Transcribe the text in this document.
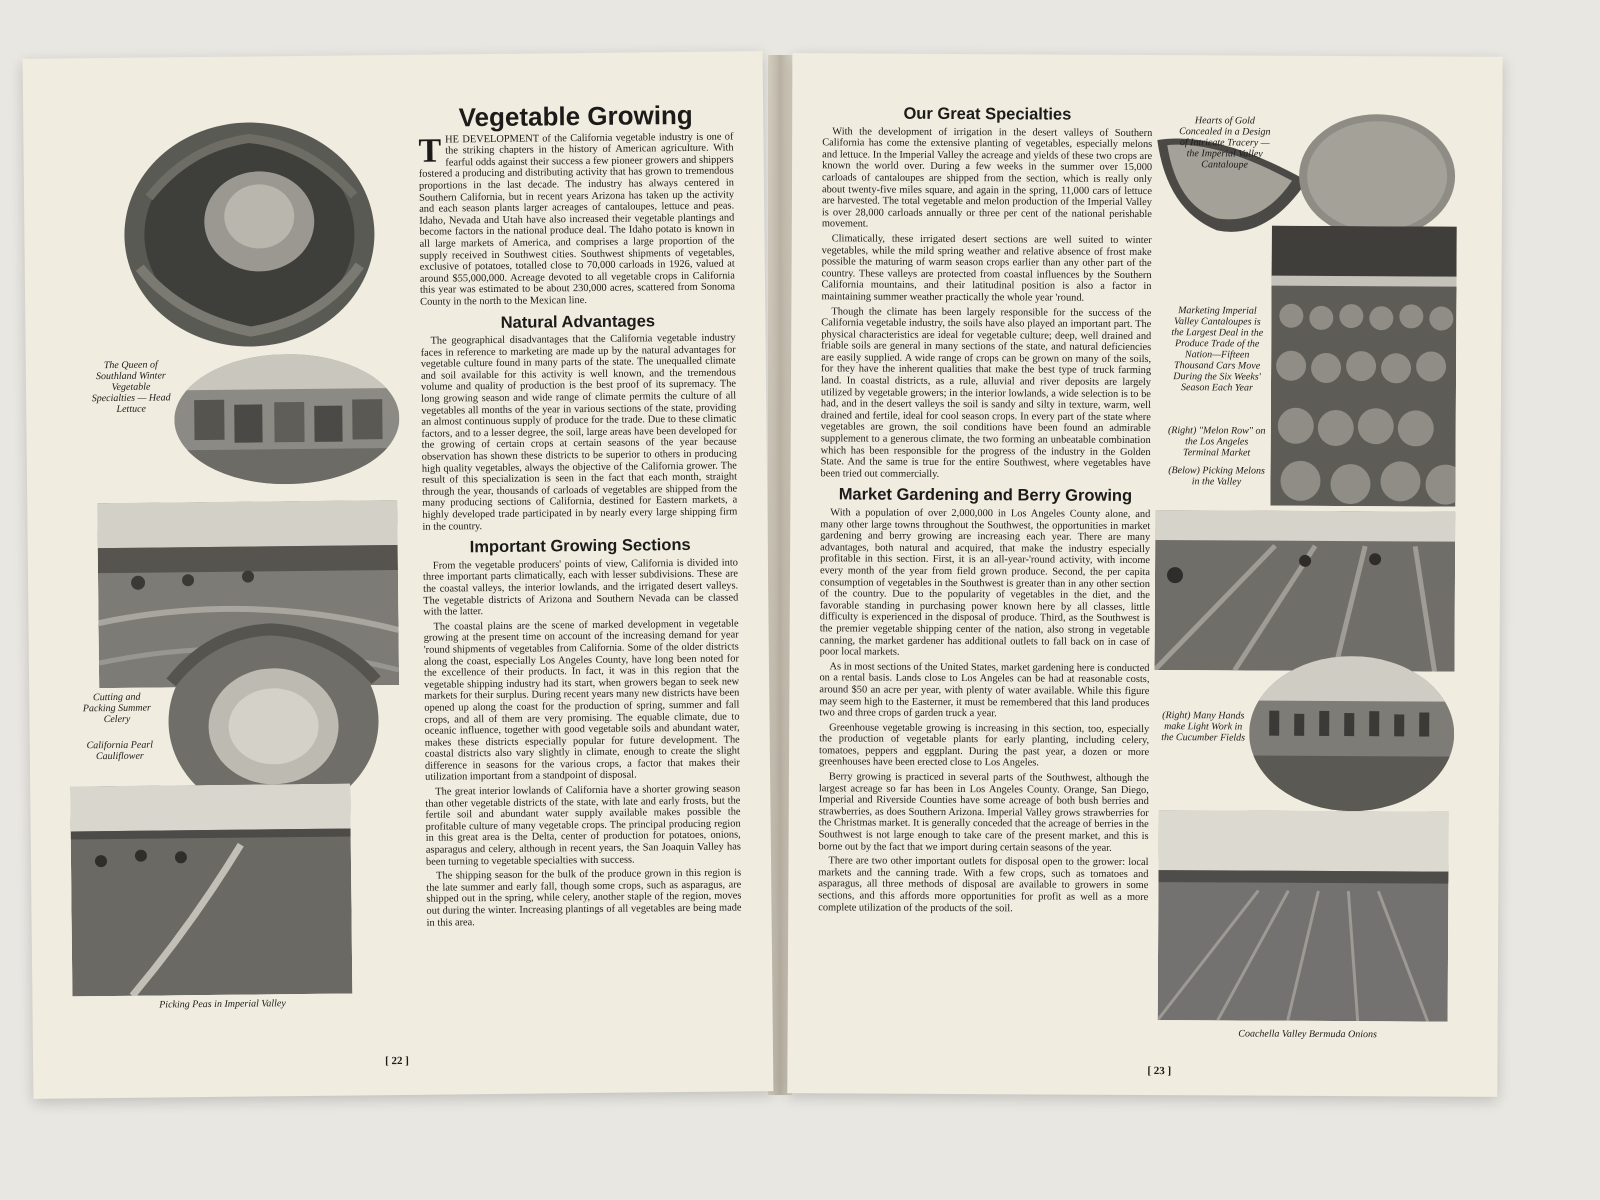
The Queen of Southland Winter Vegetable Specialties — Head Lettuce
Cutting and Packing Summer Celery
California Pearl Cauliflower
Picking Peas in Imperial Valley
Vegetable Growing

THE DEVELOPMENT of the California vegetable industry is one of the striking chapters in the history of American agriculture. With fearful odds against their success a few pioneer growers and shippers fostered a producing and distributing activity that has grown to tremendous proportions in the last decade. The industry has always centered in Southern California, but in recent years Arizona has taken up the activity and each season plants larger acreages of cantaloupes, lettuce and peas. Idaho, Nevada and Utah have also increased their vegetable plantings and become factors in the national produce deal. The Idaho potato is known in all large markets of America, and comprises a large proportion of the supply received in Southwest cities. Southwest shipments of vegetables, exclusive of potatoes, totalled close to 70,000 carloads in 1926, valued at around $55,000,000. Acreage devoted to all vegetable crops in California this year was estimated to be about 230,000 acres, scattered from Sonoma County in the north to the Mexican line.

Natural Advantages

The geographical disadvantages that the California vegetable industry faces in reference to marketing are made up by the natural advantages for vegetable culture found in many parts of the state. The unequalled climate and soil available for this activity is well known, and the tremendous volume and quality of production is the best proof of its supremacy. The long growing season and wide range of climate permits the culture of all vegetables all months of the year in various sections of the state, providing an almost continuous supply of produce for the trade. Due to these climatic factors, and to a lesser degree, the soil, large areas have been developed for the growing of certain crops at certain seasons of the year because observation has shown these districts to be superior to others in producing high quality vegetables, always the objective of the California grower. The result of this specialization is seen in the fact that each month, straight through the year, thousands of carloads of vegetables are shipped from the many producing sections of California, destined for Eastern markets, a highly developed trade participated in by nearly every large shipping firm in the country.

Important Growing Sections

From the vegetable producers' points of view, California is divided into three important parts climatically, each with lesser subdivisions. These are the coastal valleys, the interior lowlands, and the irrigated desert valleys. The vegetable districts of Arizona and Southern Nevada can be classed with the latter.

The coastal plains are the scene of marked development in vegetable growing at the present time on account of the increasing demand for year 'round shipments of vegetables from California. Some of the older districts along the coast, especially Los Angeles County, have long been noted for the excellence of their products. In fact, it was in this region that the vegetable shipping industry had its start, when growers began to seek new markets for their surplus. During recent years many new districts have been opened up along the coast for the production of spring, summer and fall crops, and all of them are very promising. The equable climate, due to oceanic influence, together with good vegetable soils and abundant water, makes these districts especially popular for future development. The coastal districts also vary slightly in climate, enough to create the slight difference in seasons for the various crops, a factor that makes their utilization important from a standpoint of disposal.

The great interior lowlands of California have a shorter growing season than other vegetable districts of the state, with late and early frosts, but the fertile soil and abundant water supply available makes possible the profitable culture of many vegetable crops. The principal producing region in this great area is the Delta, center of production for potatoes, onions, asparagus and celery, although in recent years, the San Joaquin Valley has been turning to vegetable specialties with success.

The shipping season for the bulk of the produce grown in this region is the late summer and early fall, though some crops, such as asparagus, are shipped out in the spring, while celery, another staple of the region, moves out during the winter. Increasing plantings of all vegetables are being made in this area.

[ 22 ]
Our Great Specialties

With the development of irrigation in the desert valleys of Southern California has come the extensive planting of vegetables, especially melons and lettuce. In the Imperial Valley the acreage and yields of these two crops are known the world over. During a few weeks in the summer over 15,000 carloads of cantaloupes are shipped from the section, which is really only about twenty-five miles square, and again in the spring, 11,000 cars of lettuce are harvested. The total vegetable and melon production of the Imperial Valley is over 28,000 carloads annually or three per cent of the national perishable movement.

Climatically, these irrigated desert sections are well suited to winter vegetables, while the mild spring weather and relative absence of frost make possible the maturing of warm season crops earlier than any other part of the country. These valleys are protected from coastal influences by the Southern California mountains, and their latitudinal position is also a factor in maintaining summer weather practically the whole year 'round.

Though the climate has been largely responsible for the success of the California vegetable industry, the soils have also played an important part. The physical characteristics are ideal for vegetable culture; deep, well drained and friable soils are general in many sections of the state, and natural deficiencies are easily supplied. A wide range of crops can be grown on many of the soils, for they have the inherent qualities that make the best type of truck farming land. In coastal districts, as a rule, alluvial and river deposits are largely utilized by vegetable growers; in the interior lowlands, a wide selection is to be had, and in the desert valleys the soil is sandy and silty in texture, warm, well drained and fertile, ideal for cool season crops. In every part of the state where vegetables are grown, the soil conditions have been found an admirable supplement to a generous climate, the two forming an unbeatable combination which has been responsible for the progress of the industry in the Golden State. And the same is true for the entire Southwest, where vegetables have been tried out commercially.

Market Gardening and Berry Growing

With a population of over 2,000,000 in Los Angeles County alone, and many other large towns throughout the Southwest, the opportunities in market gardening and berry growing are increasing each year. There are many advantages, both natural and acquired, that make the industry especially profitable in this section. First, it is an all-year-'round activity, with income every month of the year from field grown produce. Second, the per capita consumption of vegetables in the Southwest is greater than in any other section of the country. Due to the popularity of vegetables in the diet, and the favorable standing in purchasing power known here by all classes, little difficulty is experienced in the disposal of produce. Third, as the Southwest is the premier vegetable shipping center of the nation, also strong in vegetable canning, the market gardener has additional outlets to fall back on in case of poor local markets.

As in most sections of the United States, market gardening here is conducted on a rental basis. Lands close to Los Angeles can be had at reasonable costs, around $50 an acre per year, with plenty of water available. While this figure may seem high to the Easterner, it must be remembered that this land produces two and three crops of garden truck a year.

Greenhouse vegetable growing is increasing in this section, too, especially the production of vegetable plants for early planting, including celery, tomatoes, peppers and eggplant. During the past year, a dozen or more greenhouses have been erected close to Los Angeles.

Berry growing is practiced in several parts of the Southwest, although the largest acreage so far has been in Los Angeles County. Orange, San Diego, Imperial and Riverside Counties have some acreage of both bush berries and strawberries, as does Southern Arizona. Imperial Valley grows strawberries for the Christmas market. It is generally conceded that the acreage of berries in the Southwest is not large enough to take care of the present market, and this is borne out by the fact that we import during certain seasons of the year.

There are two other important outlets for disposal open to the grower: local markets and the canning trade. With a few crops, such as tomatoes and asparagus, all three methods of disposal are available to growers in some sections, and this affords more opportunities for profit as well as a more complete utilization of the products of the soil.

Hearts of Gold Concealed in a Design of Intricate Tracery — the Imperial Valley Cantaloupe
Marketing Imperial Valley Cantaloupes is the Largest Deal in the Produce Trade of the Nation—Fifteen Thousand Cars Move During the Six Weeks' Season Each Year
(Right) "Melon Row" on the Los Angeles Terminal Market
(Below) Picking Melons in the Valley
(Right) Many Hands make Light Work in the Cucumber Fields
Coachella Valley Bermuda Onions
[ 23 ]
